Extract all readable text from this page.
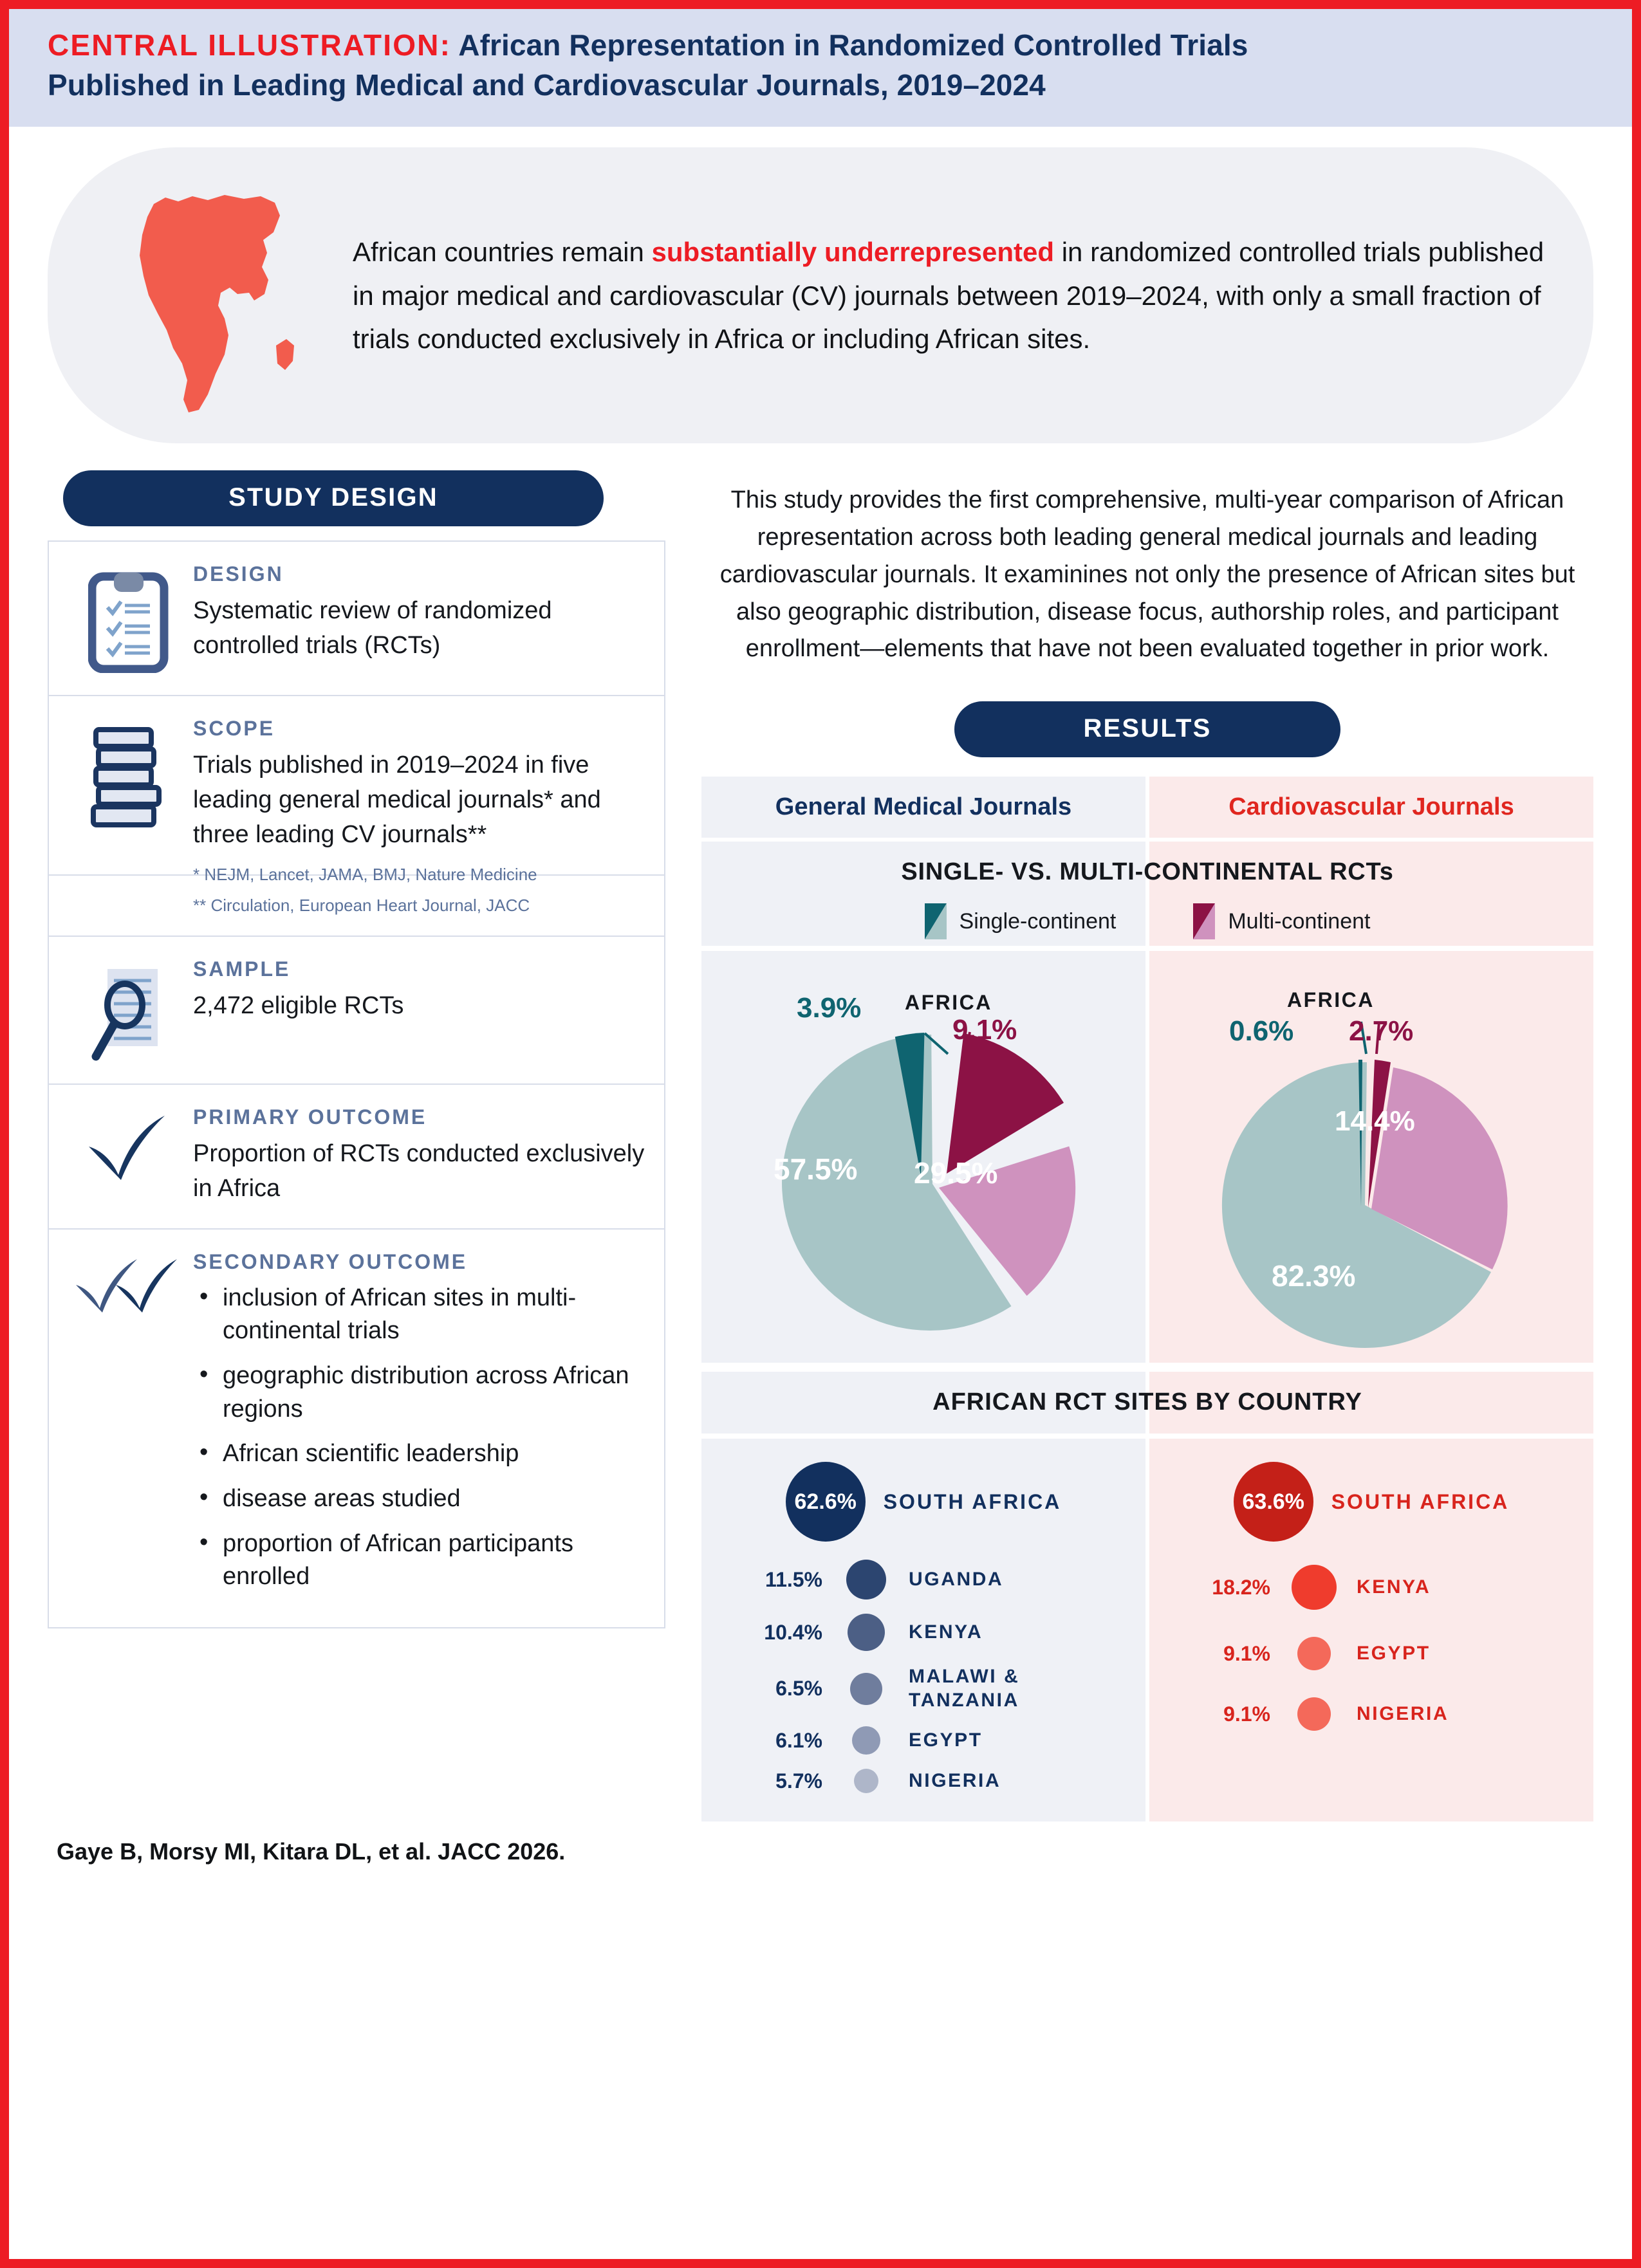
CENTRAL ILLUSTRATION: African Representation in Randomized Controlled Trials
Published in Leading Medical and Cardiovascular Journals, 2019–2024
African countries remain substantially underrepresented in randomized controlled trials published in major medical and cardiovascular (CV) journals between 2019–2024, with only a small fraction of trials conducted exclusively in Africa or including African sites.
STUDY DESIGN
DESIGN
Systematic review of randomized controlled trials (RCTs)
SCOPE
Trials published in 2019–2024 in five leading general medical journals* and three leading CV journals**
* NEJM, Lancet, JAMA, BMJ, Nature Medicine
** Circulation, European Heart Journal, JACC
SAMPLE
2,472 eligible RCTs
PRIMARY OUTCOME
Proportion of RCTs conducted exclusively in Africa
SECONDARY OUTCOME
• inclusion of African sites in multi-continental trials
• geographic distribution across African regions
• African scientific leadership
• disease areas studied
• proportion of African participants enrolled
This study provides the first comprehensive, multi-year comparison of African representation across both leading general medical journals and leading cardiovascular journals. It examinines not only the presence of African sites but also geographic distribution, disease focus, authorship roles, and participant enrollment—elements that have not been evaluated together in prior work.
RESULTS
General Medical Journals	Cardiovascular Journals
SINGLE- VS. MULTI-CONTINENTAL RCTs
Single-continent	Multi-continent
3.9% AFRICA
9.1%
57.5% 29.5%
AFRICA
0.6% 2.7%
14.4%
82.3%
AFRICAN RCT SITES BY COUNTRY
62.6%	SOUTH AFRICA
11.5%	UGANDA
10.4%	KENYA
6.5%
MALAWI & TANZANIA
6.1%	EGYPT
5.7%	NIGERIA
63.6%	SOUTH AFRICA
18.2%	KENYA
9.1%	EGYPT
9.1%	NIGERIA
Gaye B, Morsy MI, Kitara DL, et al. JACC 2026.
